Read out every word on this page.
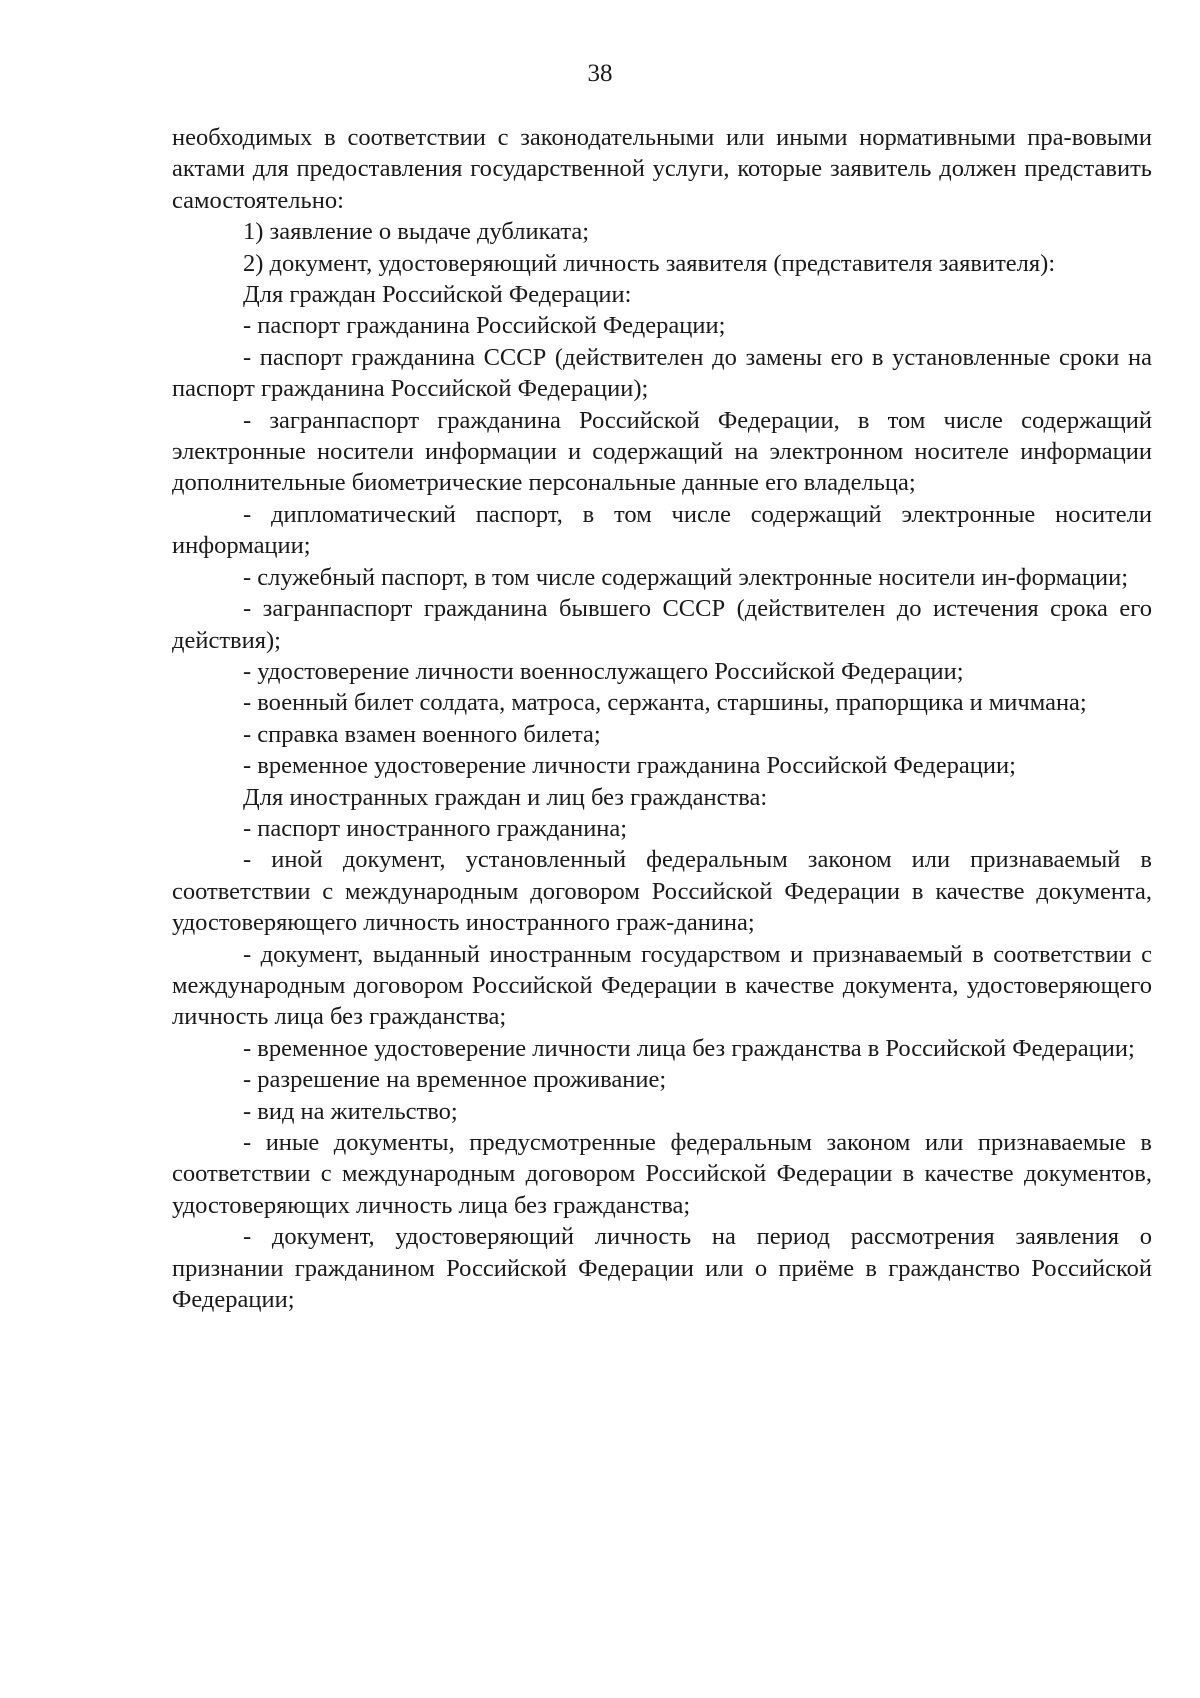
38

необходимых в соответствии с законодательными или иными нормативными пра-вовыми актами для предоставления государственной услуги, которые заявитель должен представить самостоятельно:

1) заявление о выдаче дубликата;

2) документ, удостоверяющий личность заявителя (представителя заявителя):

Для граждан Российской Федерации:

- паспорт гражданина Российской Федерации;

- паспорт гражданина СССР (действителен до замены его в установленные сроки на паспорт гражданина Российской Федерации);

- загранпаспорт гражданина Российской Федерации, в том числе содержащий электронные носители информации и содержащий на электронном носителе информации дополнительные биометрические персональные данные его владельца;

- дипломатический паспорт, в том числе содержащий электронные носители информации;

- служебный паспорт, в том числе содержащий электронные носители ин-формации;

- загранпаспорт гражданина бывшего СССР (действителен до истечения срока его действия);

- удостоверение личности военнослужащего Российской Федерации;

- военный билет солдата, матроса, сержанта, старшины, прапорщика и мичмана;

- справка взамен военного билета;

- временное удостоверение личности гражданина Российской Федерации;

Для иностранных граждан и лиц без гражданства:

- паспорт иностранного гражданина;

- иной документ, установленный федеральным законом или признаваемый в соответствии с международным договором Российской Федерации в качестве документа, удостоверяющего личность иностранного граж-данина;

- документ, выданный иностранным государством и признаваемый в соответствии с международным договором Российской Федерации в качестве документа, удостоверяющего личность лица без гражданства;

- временное удостоверение личности лица без гражданства в Российской Федерации;

- разрешение на временное проживание;

- вид на жительство;

- иные документы, предусмотренные федеральным законом или признаваемые в соответствии с международным договором Российской Федерации в качестве документов, удостоверяющих личность лица без гражданства;

- документ, удостоверяющий личность на период рассмотрения заявления о признании гражданином Российской Федерации или о приёме в гражданство Российской Федерации;
